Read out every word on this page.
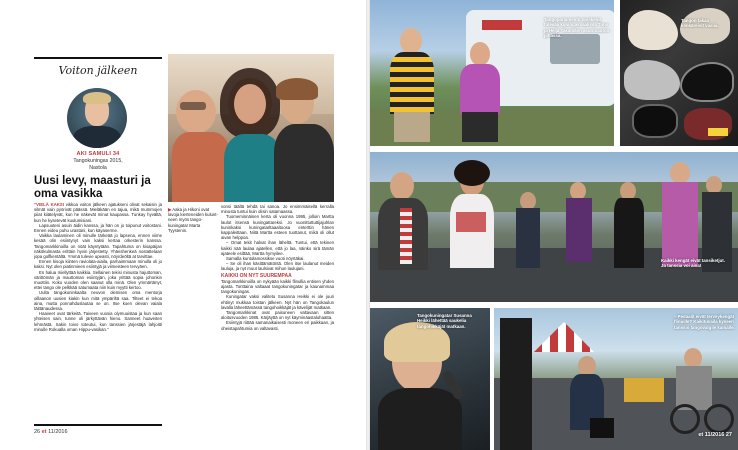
Voiton jälkeen
AKI SAMULI 34
Tangokuningas 2015,
Nastola
Uusi levy, maasturi ja oma vasikka

”VIELÄ KAKSI vikkoa voiton jälkeen ajatukseni olivat sekaisin ja silmät vain pyörivät päässä. Mieläkään en tajua, mikä mummojen piiat kiiätelyvät, kun he näkevät minut kaupassa. Tunkay hyvältä, kun he kysetevät kuulumisiani.

Lapsuuteni asuin äidin kanssa, ja hän on jo toipunut voitostani. Ennen eideu puhu urastani, kun käyaserme.

Vaikka laulaminen oli minulle tärkeää jo lapsena, ennen viime kesää olin esiintynyt vain kaksi kertaa orkesterin kanssa. Tangomarkkinoilla on nöät käyntytään. Tapahtuma on kisapäijan näkökulmasta erittäin hyvin järjestetty. Yhteishenkeä nostattelaan jopa golfkentältä. Ymmä tulevie upeasti, nöyrdeöltä at tarvittae.

Ennen kisoja kiinten raviolata-aiaila, parhaimmaan minulla oli jo kaksi. Nyt olen piatinmieen esiintyjä ja viimeisteen tervyäen.

En halua miellyttää kaikkia. Sellainen tekisi minusta hajuttoman, värittömän ja mauttoman esiintyjän, joka yrittää sopia johonkin muottiin. Koko vuoden olen saanut olla minä. Olen ymmärtänyt, ettei tango ole pelkkää satumaata niin kuin myytti kertoo.

Uulta tangokuninkaalta neuvon olemisen oma mentorja oillaanon uusien kiakin kun mitä ympäriltä saa. Tilteet ei tekoa aina, mutta ponnahduslautaa se on. Itse koen olevan vaiala täittänaudessa.

Haaveet ovat tärkeitä. Taiveen vuosia olymuuistaa ja kun saan yhteisen sain, tunne oli järkyttävän hieno. Sanneet huaveiten lehmästä. Sakin toivo toteutui, kun tanssien järjestäjä lahjoitti minulle Rokualla oman Hippu-vasikan.”

▶ Aaka ja Hikoni ovat lavoja kierteneiden kuluntneen myös tangokuningatar Marta Tyystenin.

vonsi täältä tehdä tai sanoa. Jo ensimmäisellä kerralla minusta tuntui kuin olisin satamaassa.

Tuomeminnäinen kerta oli vuonna 1995, jolloin Martta laulot itsensä kuningattareksi. Jo vuonittuttuttijajuhlan kuninkaksi kuningatarltaaaltoosa enterttin hänen kappaleittaan. Niitä Martta esteen tuottanut, mikä oli ollut aivan helppoa.

– Omat tekit halvat ihan läheltä. Tuntui, että tekinen kaikki nää laulaa ajatellen, että jo laa, näinko sirä tämän ajateele esittää, Martta hymyilee.

Samalla kuntolamossikse vuoti nöyrtäkai.

– Se oli ihan käsittämätöntä. Olen itse laulanut meiden lauluja, ja nyt muut laulsivat mihun laulujani.

KAIKKI ON NYT SUUREMPAA

Tangomarkkinoilla on nykyään kaikki flinullia entisen yhden ajasta. Tonttaina valtaaat tangokuningatar ja kaunammaa tangokuningas.

Kuningatar vaksi valitetu Susanna Heikki ei ole juuri ehtinyt mukkaa toistan jälkeen. Nyt hän on Tangokaulun lavalla läheettämässä tangohoikkäjät ja kävelijät matkaan.

Tangomarkkinat ovat paisuneen valtavaan sitten aloitusvuoden 1985. Kärjäyttä on nyt käyminäastaluhaatta.

Esiintyjä riittää samanaikaisesti moneen eri paikkaan, ja oheistapahtumia on valtavasti.

26 et 11/2016
Tangoparlamentti opiskelut tulevaa kuningasvaalissa Timo ja Heljä Takamäen asuntoauton pihassa.
Tangon takaa kenkäreivit vaalia.
Kaikki kengät eivät tansiketjut. Ja tanssia voi aina!
Tangokuningatar Susanna Heikki lähettää saukelia tangohikkäjät matkaan.
– Pedaalit eivät terveykengät flinuille? Kaikituvaila kyseen tanssio tangovalgile kamalle.
et 11/2016 27
